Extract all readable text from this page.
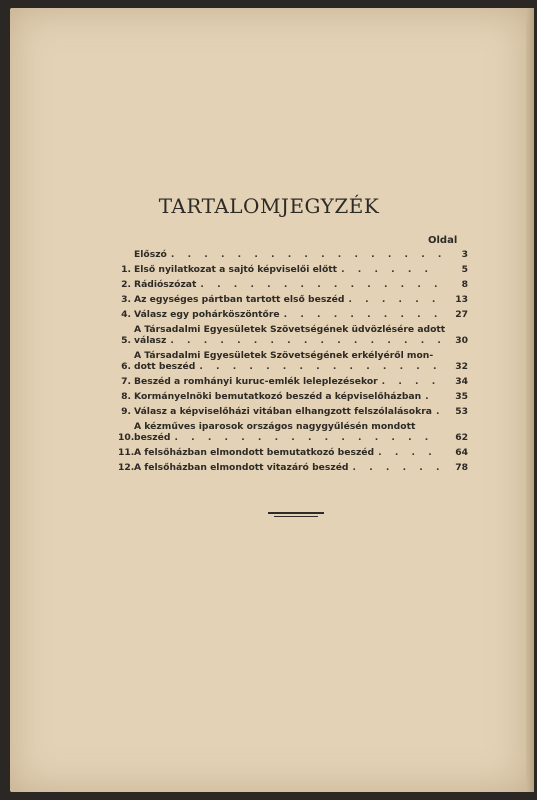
TARTALOMJEGYZÉK
Oldal
Előszó . . .	3
1. Első nyilatkozat a sajtó képviselői előtt . . .	5
2. Rádiószózat . . .	8
3. Az egységes pártban tartott első beszéd . . .	13
4. Válasz egy pohárköszöntőre . . .	27
5.
A Társadalmi Egyesületek Szövetségének üdvözlésére adott
válasz . . .	30
6.
A Társadalmi Egyesületek Szövetségének erkélyéről mon-
dott beszéd . . .	32
7. Beszéd a romhányi kuruc-emlék leleplezésekor . . .	34
8. Kormányelnöki bemutatkozó beszéd a képviselőházban . . .	35
9. Válasz a képviselőházi vitában elhangzott felszólalásokra . . .	53
10.
A kézműves iparosok országos nagygyűlésén mondott
beszéd . . .	62
11. A felsőházban elmondott bemutatkozó beszéd . . .	64
12. A felsőházban elmondott vitazáró beszéd . . .	78
